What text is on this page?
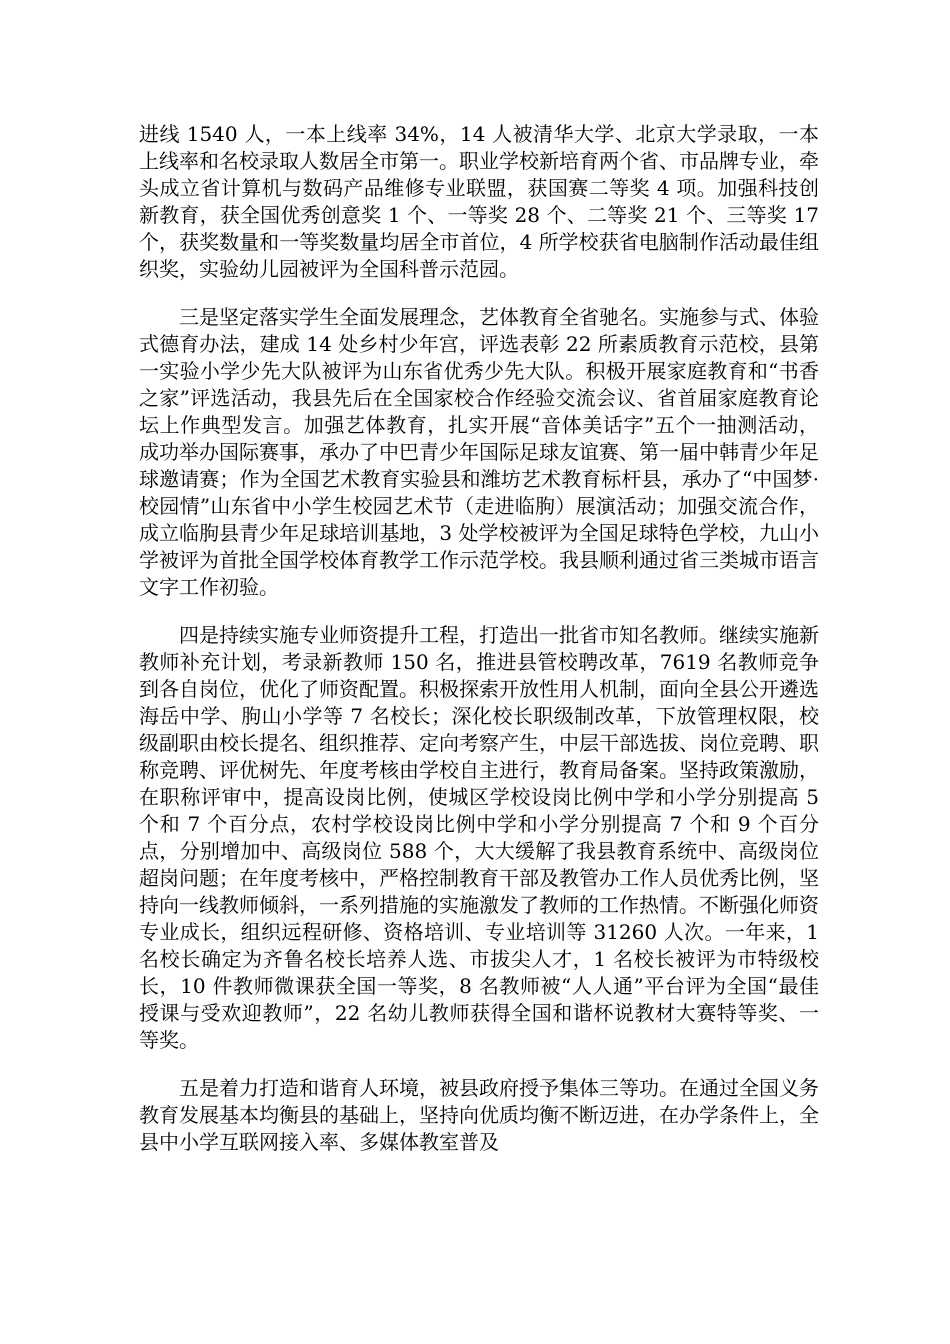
进线 1540 人，一本上线率 34%，14 人被清华大学、北京大学录取，一本上线率和名校录取人数居全市第一。职业学校新培育两个省、市品牌专业，牵头成立省计算机与数码产品维修专业联盟，获国赛二等奖 4 项。加强科技创新教育，获全国优秀创意奖 1 个、一等奖 28 个、二等奖 21 个、三等奖 17 个，获奖数量和一等奖数量均居全市首位，4 所学校获省电脑制作活动最佳组织奖，实验幼儿园被评为全国科普示范园。

三是坚定落实学生全面发展理念，艺体教育全省驰名。实施参与式、体验式德育办法，建成 14 处乡村少年宫，评选表彰 22 所素质教育示范校，县第一实验小学少先大队被评为山东省优秀少先大队。积极开展家庭教育和“书香之家”评选活动，我县先后在全国家校合作经验交流会议、省首届家庭教育论坛上作典型发言。加强艺体教育，扎实开展“音体美话字”五个一抽测活动，成功举办国际赛事，承办了中巴青少年国际足球友谊赛、第一届中韩青少年足球邀请赛；作为全国艺术教育实验县和潍坊艺术教育标杆县，承办了“中国梦·校园情”山东省中小学生校园艺术节（走进临朐）展演活动；加强交流合作，成立临朐县青少年足球培训基地，3 处学校被评为全国足球特色学校，九山小学被评为首批全国学校体育教学工作示范学校。我县顺利通过省三类城市语言文字工作初验。

四是持续实施专业师资提升工程，打造出一批省市知名教师。继续实施新教师补充计划，考录新教师 150 名，推进县管校聘改革，7619 名教师竞争到各自岗位，优化了师资配置。积极探索开放性用人机制，面向全县公开遴选海岳中学、朐山小学等 7 名校长；深化校长职级制改革，下放管理权限，校级副职由校长提名、组织推荐、定向考察产生，中层干部选拔、岗位竞聘、职称竞聘、评优树先、年度考核由学校自主进行，教育局备案。坚持政策激励，在职称评审中，提高设岗比例，使城区学校设岗比例中学和小学分别提高 5 个和 7 个百分点，农村学校设岗比例中学和小学分别提高 7 个和 9 个百分点，分别增加中、高级岗位 588 个，大大缓解了我县教育系统中、高级岗位超岗问题；在年度考核中，严格控制教育干部及教管办工作人员优秀比例，坚持向一线教师倾斜，一系列措施的实施激发了教师的工作热情。不断强化师资专业成长，组织远程研修、资格培训、专业培训等 31260 人次。一年来，1 名校长确定为齐鲁名校长培养人选、市拔尖人才，1 名校长被评为市特级校长，10 件教师微课获全国一等奖，8 名教师被“人人通”平台评为全国“最佳授课与受欢迎教师”，22 名幼儿教师获得全国和谐杯说教材大赛特等奖、一等奖。

五是着力打造和谐育人环境，被县政府授予集体三等功。在通过全国义务教育发展基本均衡县的基础上，坚持向优质均衡不断迈进，在办学条件上，全县中小学互联网接入率、多媒体教室普及
